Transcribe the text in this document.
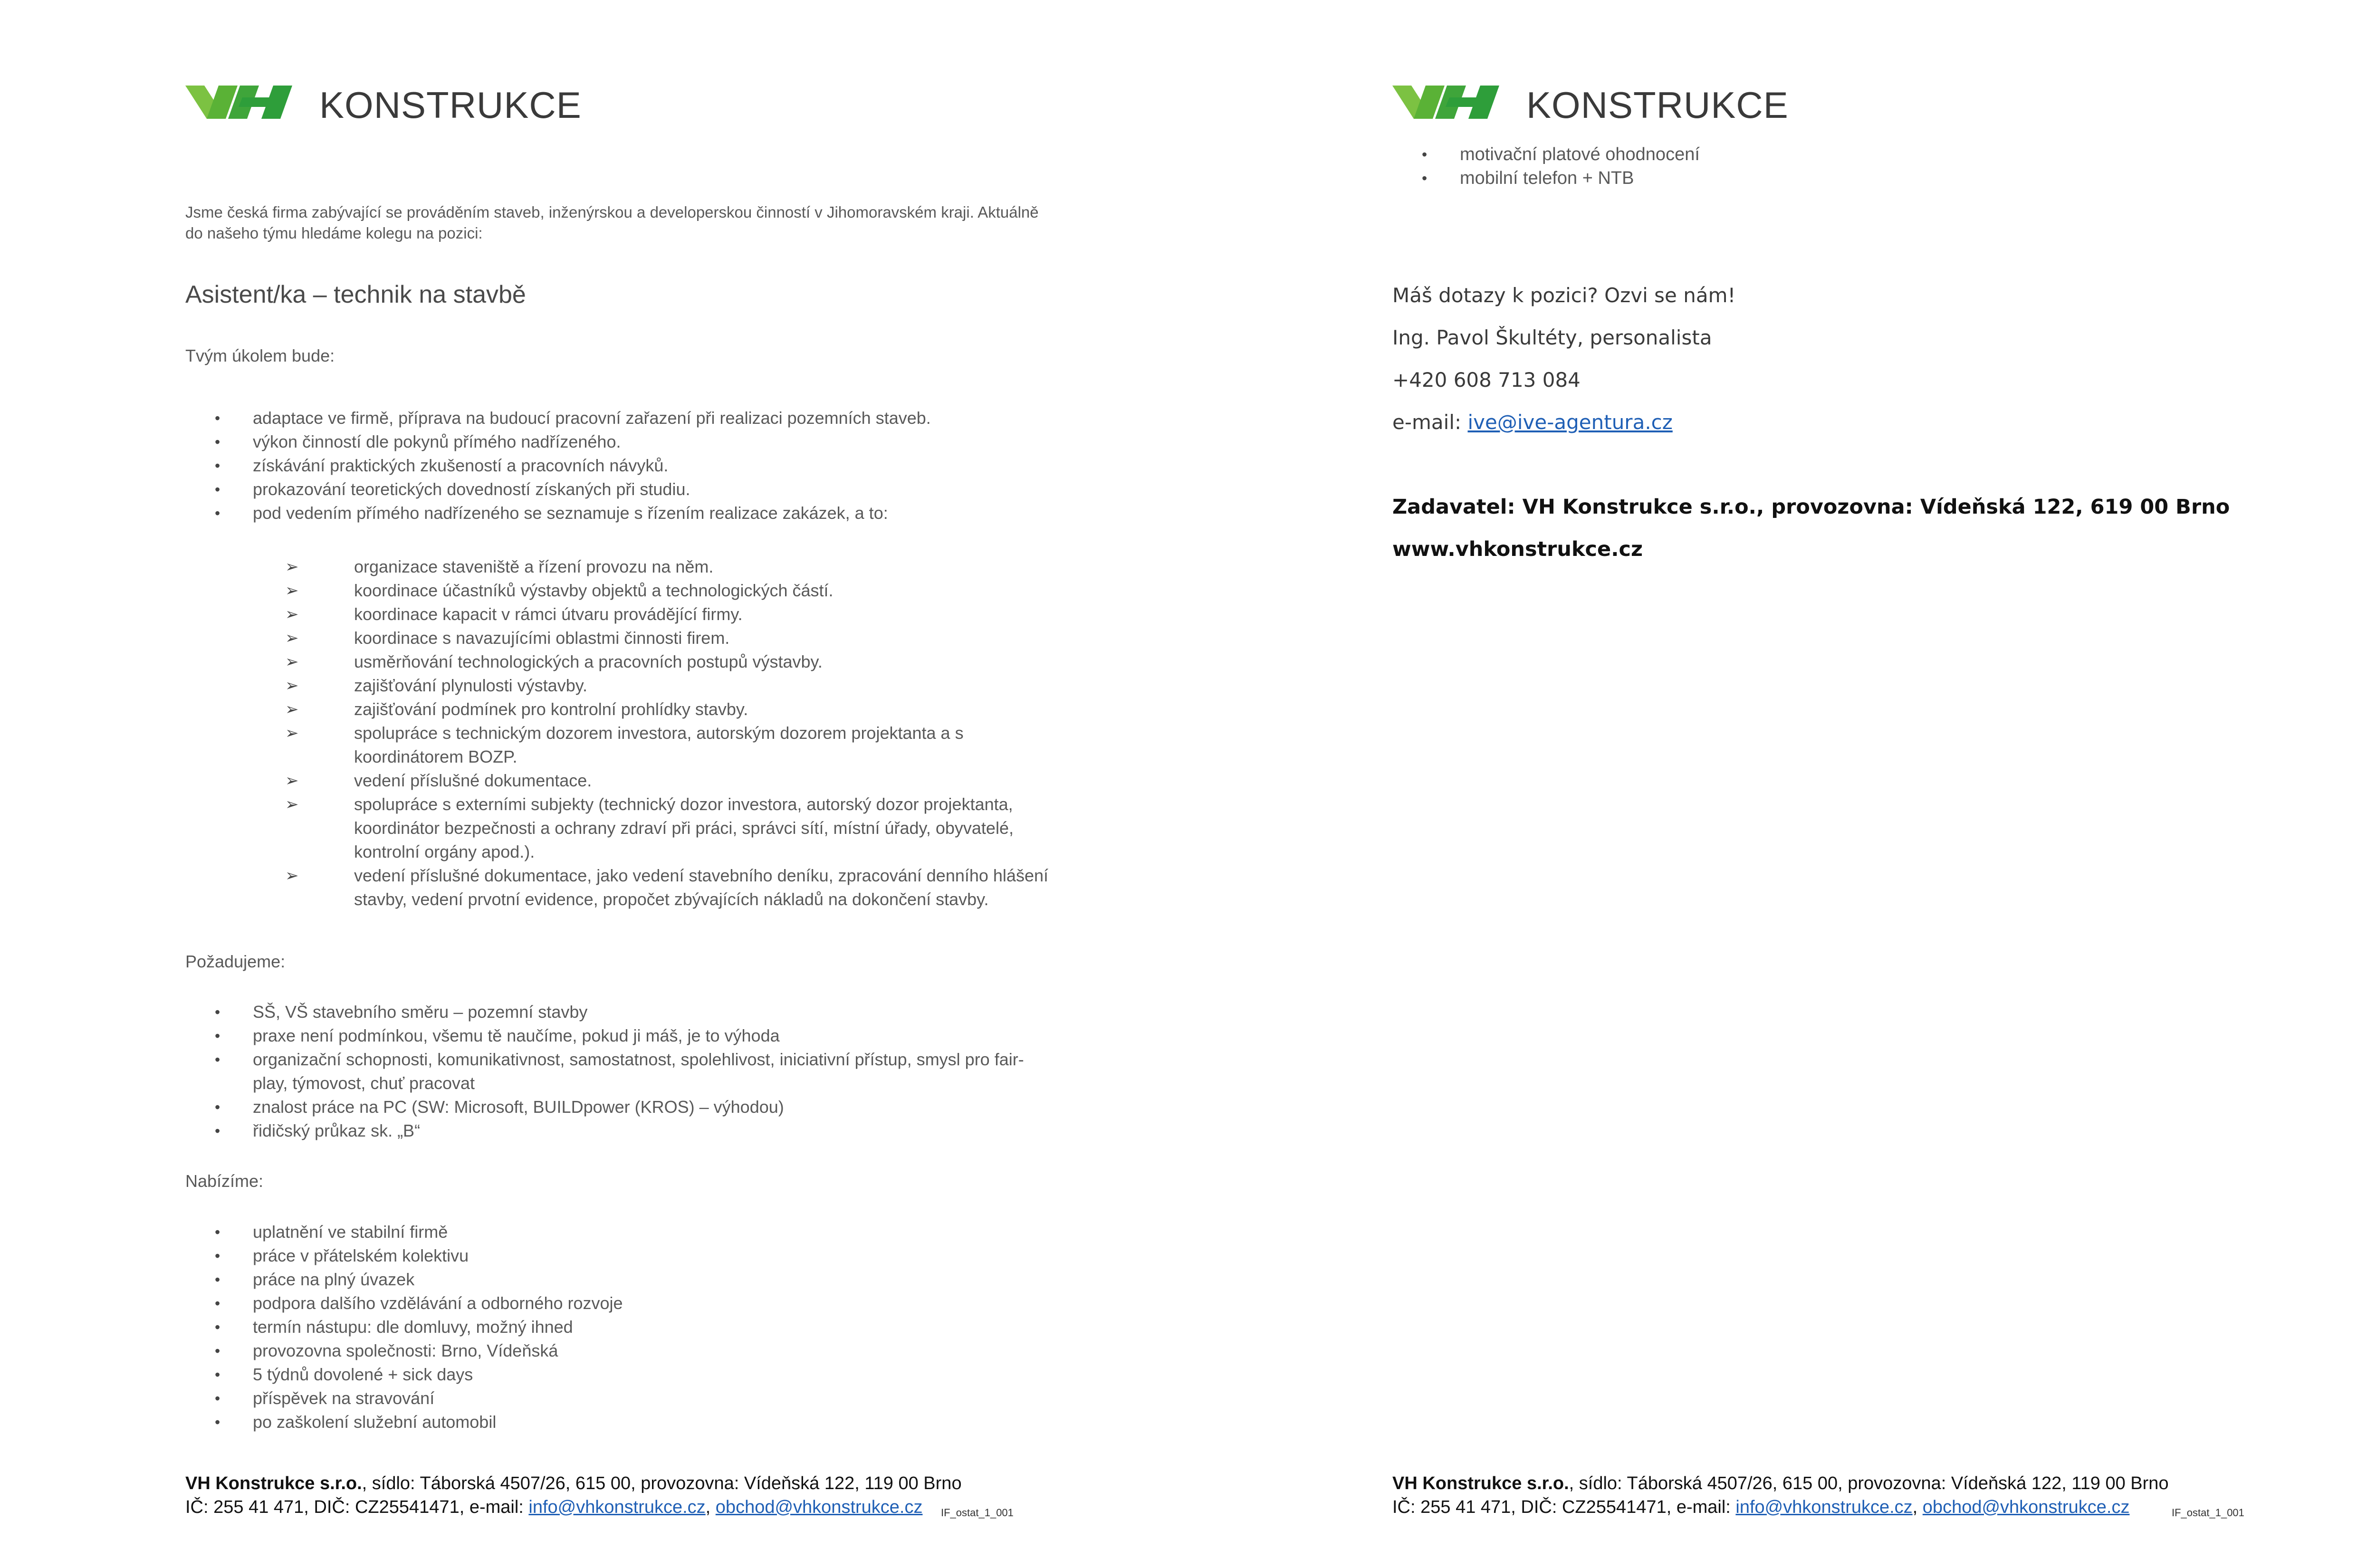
KONSTRUKCE
Jsme česká firma zabývající se prováděním staveb, inženýrskou a developerskou činností v Jihomoravském kraji. Aktuálně do našeho týmu hledáme kolegu na pozici:
Asistent/ka – technik na stavbě
Tvým úkolem bude:
• adaptace ve firmě, příprava na budoucí pracovní zařazení při realizaci pozemních staveb.
• výkon činností dle pokynů přímého nadřízeného.
• získávání praktických zkušeností a pracovních návyků.
• prokazování teoretických dovedností získaných při studiu.
• pod vedením přímého nadřízeného se seznamuje s řízením realizace zakázek, a to:
➢	organizace staveniště a řízení provozu na něm.
➢	koordinace účastníků výstavby objektů a technologických částí.
➢	koordinace kapacit v rámci útvaru provádějící firmy.
➢	koordinace s navazujícími oblastmi činnosti firem.
➢	usměrňování technologických a pracovních postupů výstavby.
➢	zajišťování plynulosti výstavby.
➢	zajišťování podmínek pro kontrolní prohlídky stavby.
➢	spolupráce s technickým dozorem investora, autorským dozorem projektanta a s koordinátorem BOZP.
➢	vedení příslušné dokumentace.
➢	spolupráce s externími subjekty (technický dozor investora, autorský dozor projektanta, koordinátor bezpečnosti a ochrany zdraví při práci, správci sítí, místní úřady, obyvatelé, kontrolní orgány apod.).
➢	vedení příslušné dokumentace, jako vedení stavebního deníku, zpracování denního hlášení stavby, vedení prvotní evidence, propočet zbývajících nákladů na dokončení stavby.
Požadujeme:
• SŠ, VŠ stavebního směru – pozemní stavby
• praxe není podmínkou, všemu tě naučíme, pokud ji máš, je to výhoda
• organizační schopnosti, komunikativnost, samostatnost, spolehlivost, iniciativní přístup, smysl pro fair-play, týmovost, chuť pracovat
• znalost práce na PC (SW: Microsoft, BUILDpower (KROS) – výhodou)
• řidičský průkaz sk. „B“
Nabízíme:
• uplatnění ve stabilní firmě
• práce v přátelském kolektivu
• práce na plný úvazek
• podpora dalšího vzdělávání a odborného rozvoje
• termín nástupu: dle domluvy, možný ihned
• provozovna společnosti: Brno, Vídeňská
• 5 týdnů dovolené + sick days
• příspěvek na stravování
• po zaškolení služební automobil
VH Konstrukce s.r.o., sídlo: Táborská 4507/26, 615 00, provozovna: Vídeňská 122, 119 00 Brno
IČ: 255 41 471, DIČ: CZ25541471, e-mail: info@vhkonstrukce.cz, obchod@vhkonstrukce.cz	IF_ostat_1_001
KONSTRUKCE
• motivační platové ohodnocení
• mobilní telefon + NTB
Máš dotazy k pozici? Ozvi se nám!
Ing. Pavol Škultéty, personalista
+420 608 713 084
e-mail: ive@ive-agentura.cz
Zadavatel: VH Konstrukce s.r.o., provozovna: Vídeňská 122, 619 00 Brno
www.vhkonstrukce.cz
VH Konstrukce s.r.o., sídlo: Táborská 4507/26, 615 00, provozovna: Vídeňská 122, 119 00 Brno
IČ: 255 41 471, DIČ: CZ25541471, e-mail: info@vhkonstrukce.cz, obchod@vhkonstrukce.cz	IF_ostat_1_001
